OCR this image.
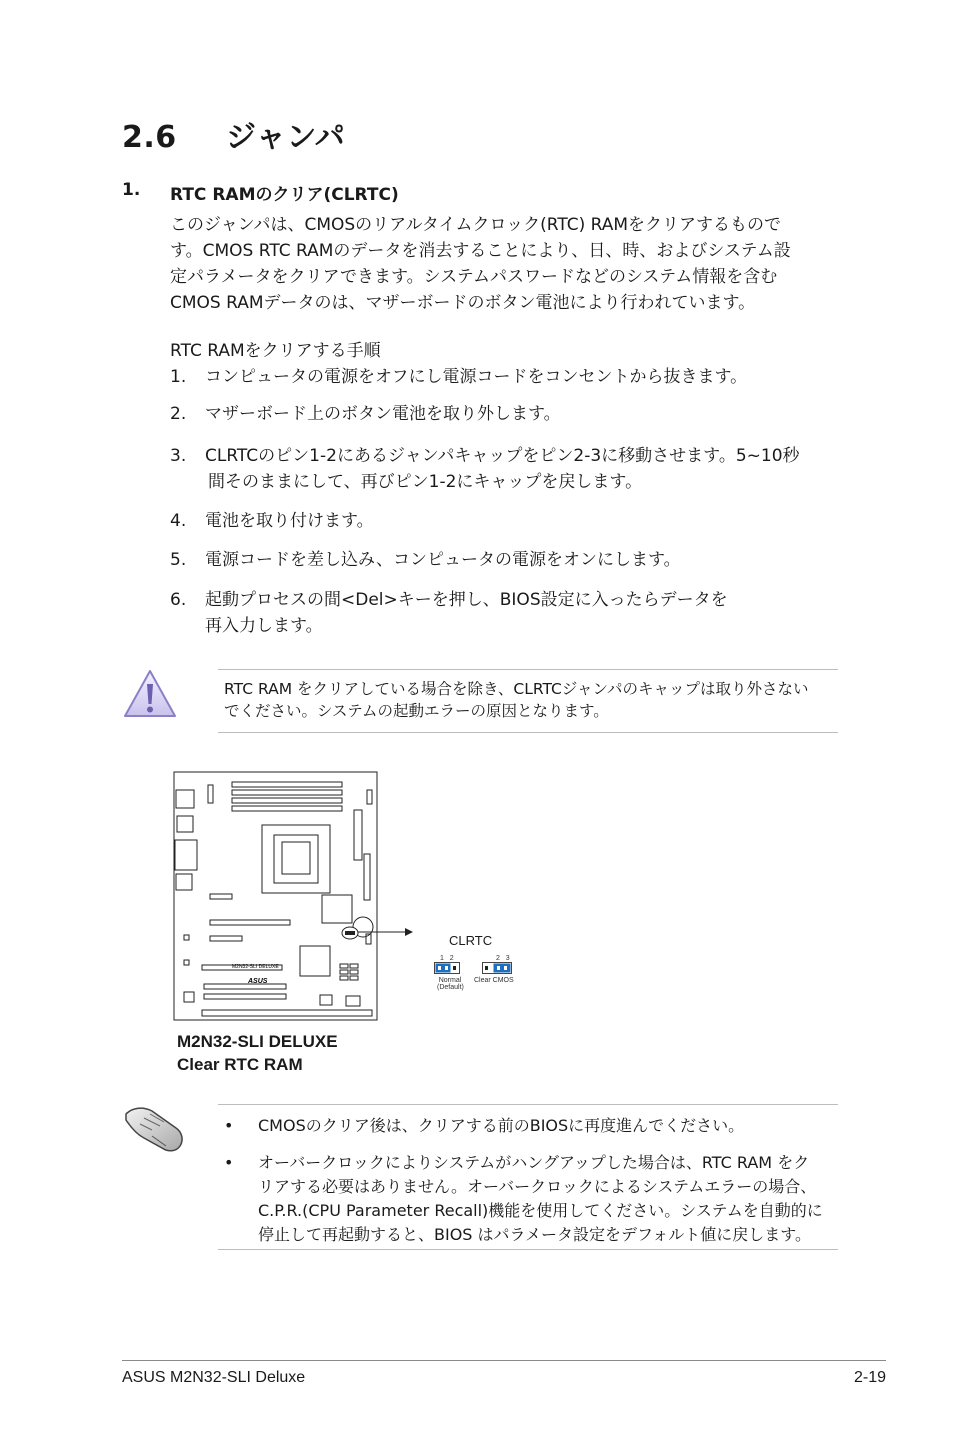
2.6 ジャンパ
1. RTC RAMのクリア(CLRTC)
このジャンパは、CMOSのリアルタイムクロック(RTC) RAMをクリアするもので
す。CMOS RTC RAMのデータを消去することにより、日、時、およびシステム設
定パラメータをクリアできます。システムパスワードなどのシステム情報を含む
CMOS RAMデータのは、マザーボードのボタン電池により行われています。
RTC RAMをクリアする手順
1. コンピュータの電源をオフにし電源コードをコンセントから抜きます。
2. マザーボード上のボタン電池を取り外します。
3. CLRTCのピン1-2にあるジャンパキャップをピン2-3に移動させます。5~10秒
間そのままにして、再びピン1-2にキャップを戻します。
4. 電池を取り付けます。
5. 電源コードを差し込み、コンピュータの電源をオンにします。
6. 起動プロセスの間<Del>キーを押し、BIOS設定に入ったらデータを
再入力します。
RTC RAM をクリアしている場合を除き、CLRTCジャンパのキャップは取り外さない
でください。システムの起動エラーの原因となります。
M2N32-SLI DELUXE
ASUS
CLRTC
1   2
Normal
(Default)
2   3
Clear CMOS
M2N32-SLI DELUXE
Clear RTC RAM
• CMOSのクリア後は、クリアする前のBIOSに再度進んでください。
• オーバークロックによりシステムがハングアップした場合は、RTC RAM をク
リアする必要はありません。オーバークロックによるシステムエラーの場合、
C.P.R.(CPU Parameter Recall)機能を使用してください。システムを自動的に
停止して再起動すると、BIOS はパラメータ設定をデフォルト値に戻します。
ASUS M2N32-SLI Deluxe	2-19
